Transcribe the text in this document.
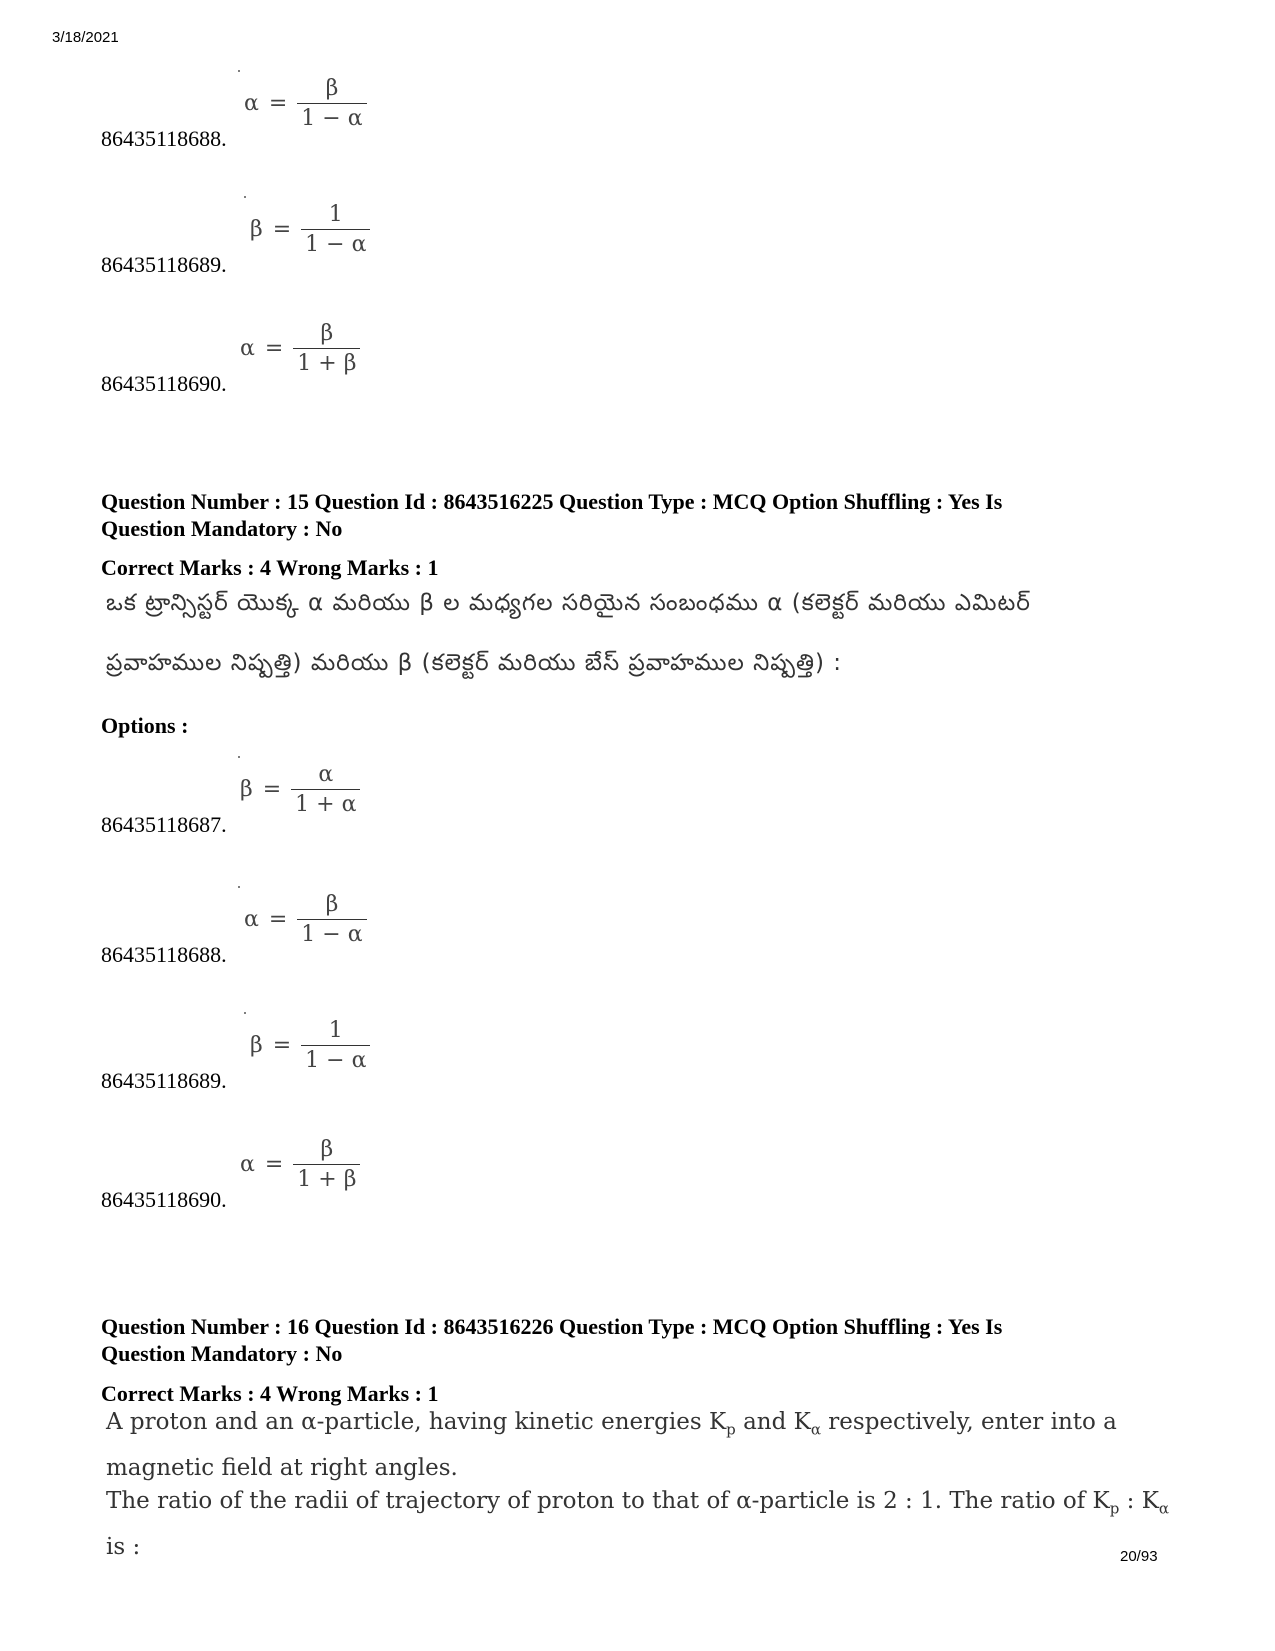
3/18/2021
$\alpha = \frac{\beta}{1 - \alpha}$
86435118688.
$\beta = \frac{1}{1 - \alpha}$
86435118689.
$\alpha = \frac{\beta}{1 + \beta}$
86435118690.
Question Number : 15 Question Id : 8643516225 Question Type : MCQ Option Shuffling : Yes Is
Question Mandatory : No
Correct Marks : 4 Wrong Marks : 1
ఒక ట్రాన్సిస్టర్ యొక్క α మరియు β ల మధ్యగల సరియైన సంబంధము α (కలెక్టర్ మరియు ఎమిటర్
ప్రవాహముల నిష్పత్తి) మరియు β (కలెక్టర్ మరియు బేస్ ప్రవాహముల నిష్పత్తి) :
Options :
$\beta = \frac{\alpha}{1 + \alpha}$
86435118687.
$\alpha = \frac{\beta}{1 - \alpha}$
86435118688.
$\beta = \frac{1}{1 - \alpha}$
86435118689.
$\alpha = \frac{\beta}{1 + \beta}$
86435118690.
Question Number : 16 Question Id : 8643516226 Question Type : MCQ Option Shuffling : Yes Is
Question Mandatory : No
Correct Marks : 4 Wrong Marks : 1
A proton and an α-particle, having kinetic energies $K_p$ and $K_\alpha$ respectively, enter into a magnetic field at right angles.
The ratio of the radii of trajectory of proton to that of α-particle is 2 : 1. The ratio of $K_p$ : $K_\alpha$ is :	20/93
